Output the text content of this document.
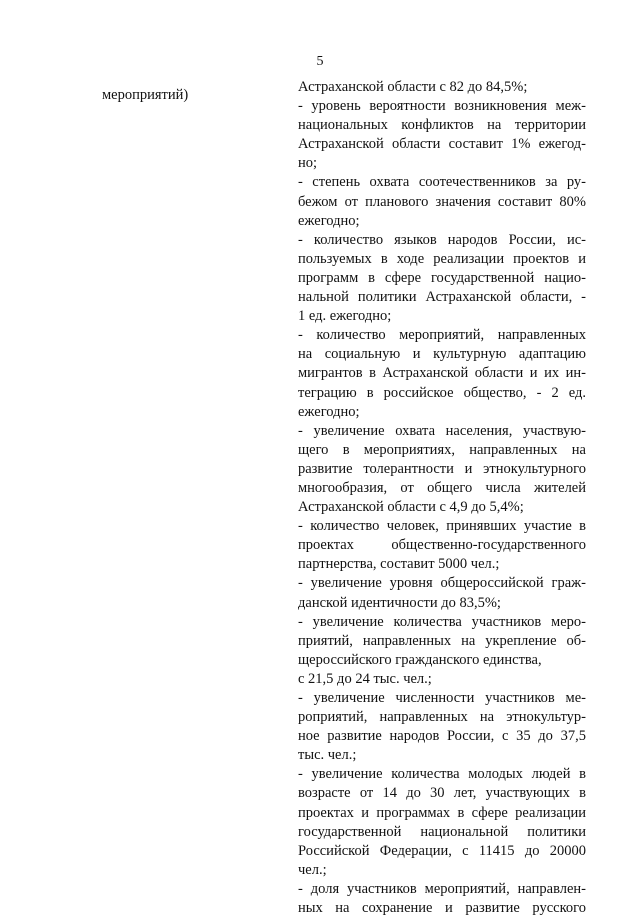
5
мероприятий)	Астраханской области с 82 до 84,5%;
- уровень вероятности возникновения меж-
национальных конфликтов на территории
Астраханской области составит 1% ежегод-
но;
- степень охвата соотечественников за ру-
бежом от планового значения составит 80%
ежегодно;
- количество языков народов России, ис-
пользуемых в ходе реализации проектов и
программ в сфере государственной нацио-
нальной политики Астраханской области, -
1 ед. ежегодно;
- количество мероприятий, направленных
на социальную и культурную адаптацию
мигрантов в Астраханской области и их ин-
теграцию в российское общество, - 2 ед.
ежегодно;
- увеличение охвата населения, участвую-
щего в мероприятиях, направленных на
развитие толерантности и этнокультурного
многообразия, от общего числа жителей
Астраханской области с 4,9 до 5,4%;
- количество человек, принявших участие в
проектах общественно-государственного
партнерства, составит 5000 чел.;
- увеличение уровня общероссийской граж-
данской идентичности до 83,5%;
- увеличение количества участников меро-
приятий, направленных на укрепление об-
щероссийского гражданского единства,
с 21,5 до 24 тыс. чел.;
- увеличение численности участников ме-
роприятий, направленных на этнокультур-
ное развитие народов России, с 35 до 37,5
тыс. чел.;
- увеличение количества молодых людей в
возрасте от 14 до 30 лет, участвующих в
проектах и программах в сфере реализации
государственной национальной политики
Российской Федерации, с 11415 до 20000
чел.;
- доля участников мероприятий, направлен-
ных на сохранение и развитие русского
